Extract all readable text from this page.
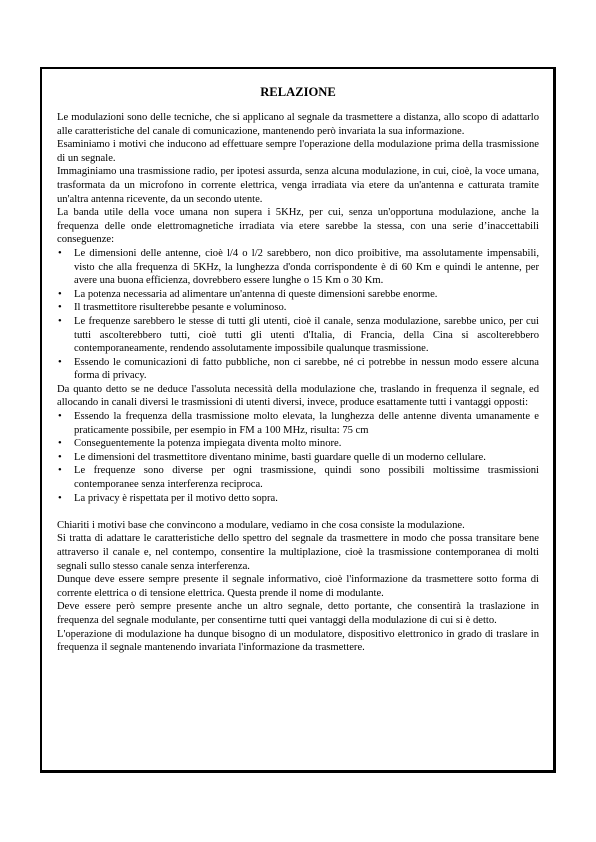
RELAZIONE

Le modulazioni sono delle tecniche, che si applicano al segnale da trasmettere a distanza, allo scopo di adattarlo alle caratteristiche del canale di comunicazione, mantenendo però invariata la sua informazione.

Esaminiamo i motivi che inducono ad effettuare sempre l'operazione della modulazione prima della trasmissione di un segnale.

Immaginiamo una trasmissione radio, per ipotesi assurda, senza alcuna modulazione, in cui, cioè, la voce umana, trasformata da un microfono in corrente elettrica, venga irradiata via etere da un'antenna e catturata tramite un'altra antenna ricevente, da un secondo utente.

La banda utile della voce umana non supera i 5KHz, per cui, senza un'opportuna modulazione, anche la frequenza delle onde elettromagnetiche irradiata via etere sarebbe la stessa, con una serie d’inaccettabili conseguenze:

• Le dimensioni delle antenne, cioè l/4 o l/2 sarebbero, non dico proibitive, ma assolutamente impensabili, visto che alla frequenza di 5KHz, la lunghezza d'onda corrispondente è di 60 Km e quindi le antenne, per avere una buona efficienza, dovrebbero essere lunghe o 15 Km o 30 Km.
• La potenza necessaria ad alimentare un'antenna di queste dimensioni sarebbe enorme.
• Il trasmettitore risulterebbe pesante e voluminoso.
• Le frequenze sarebbero le stesse di tutti gli utenti, cioè il canale, senza modulazione, sarebbe unico, per cui tutti ascolterebbero tutti, cioè tutti gli utenti d'Italia, di Francia, della Cina si ascolterebbero contemporaneamente, rendendo assolutamente impossibile qualunque trasmissione.
• Essendo le comunicazioni di fatto pubbliche, non ci sarebbe, né ci potrebbe in nessun modo essere alcuna forma di privacy.

Da quanto detto se ne deduce l'assoluta necessità della modulazione che, traslando in frequenza il segnale, ed allocando in canali diversi le trasmissioni di utenti diversi, invece, produce esattamente tutti i vantaggi opposti:

• Essendo la frequenza della trasmissione molto elevata, la lunghezza delle antenne diventa umanamente e praticamente possibile, per esempio in FM a 100 MHz, risulta: 75 cm
• Conseguentemente la potenza impiegata diventa molto minore.
• Le dimensioni del trasmettitore diventano minime, basti guardare quelle di un moderno cellulare.
• Le frequenze sono diverse per ogni trasmissione, quindi sono possibili moltissime trasmissioni contemporanee senza interferenza reciproca.
• La privacy è rispettata per il motivo detto sopra.

Chiariti i motivi base che convincono a modulare, vediamo in che cosa consiste la modulazione.

Si tratta di adattare le caratteristiche dello spettro del segnale da trasmettere in modo che possa transitare bene attraverso il canale e, nel contempo, consentire la multiplazione, cioè la trasmissione contemporanea di molti segnali sullo stesso canale senza interferenza.

Dunque deve essere sempre presente il segnale informativo, cioè l'informazione da trasmettere sotto forma di corrente elettrica o di tensione elettrica. Questa prende il nome di modulante.

Deve essere però sempre presente anche un altro segnale, detto portante, che consentirà la traslazione in frequenza del segnale modulante, per consentirne tutti quei vantaggi della modulazione di cui si è detto.

L'operazione di modulazione ha dunque bisogno di un modulatore, dispositivo elettronico in grado di traslare in frequenza il segnale mantenendo invariata l'informazione da trasmettere.
